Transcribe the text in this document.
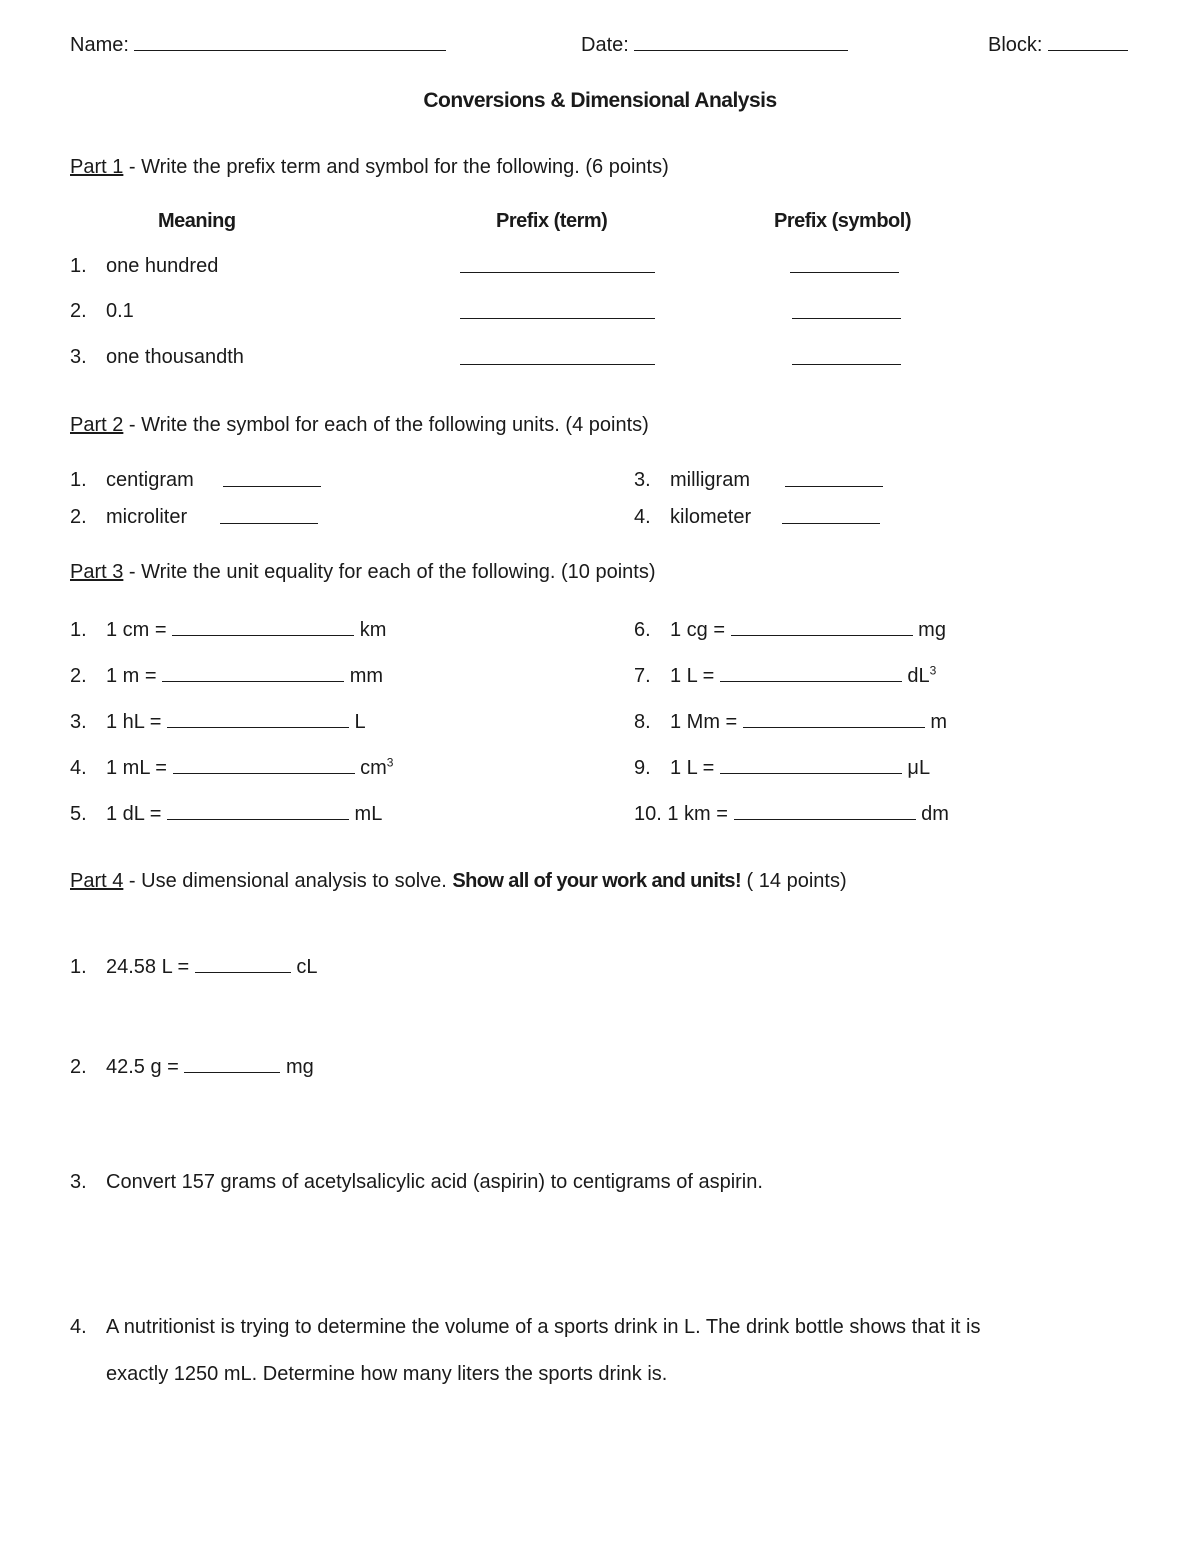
Name:	Date:	Block:
Conversions & Dimensional Analysis
Part 1 - Write the prefix term and symbol for the following. (6 points)
Meaning	Prefix (term)	Prefix (symbol)
1. one hundred
2. 0.1
3. one thousandth
Part 2 - Write the symbol for each of the following units. (4 points)
1. centigram
2. microliter
3. milligram
4. kilometer
Part 3 - Write the unit equality for each of the following. (10 points)
1. 1 cm =	km
2. 1 m =	mm
3. 1 hL =	L
4. 1 mL =	$cm^3$
5. 1 dL =	mL
6. 1 cg =	mg
7. 1 L =	$dL^3$
8. 1 Mm =	m
9. 1 L =	μL
10. 1 km =	dm
Part 4 - Use dimensional analysis to solve. Show all of your work and units! ( 14 points)
1. 24.58 L =	cL
2. 42.5 g =	mg
3. Convert 157 grams of acetylsalicylic acid (aspirin) to centigrams of aspirin.
4. A nutritionist is trying to determine the volume of a sports drink in L. The drink bottle shows that it is
exactly 1250 mL. Determine how many liters the sports drink is.
